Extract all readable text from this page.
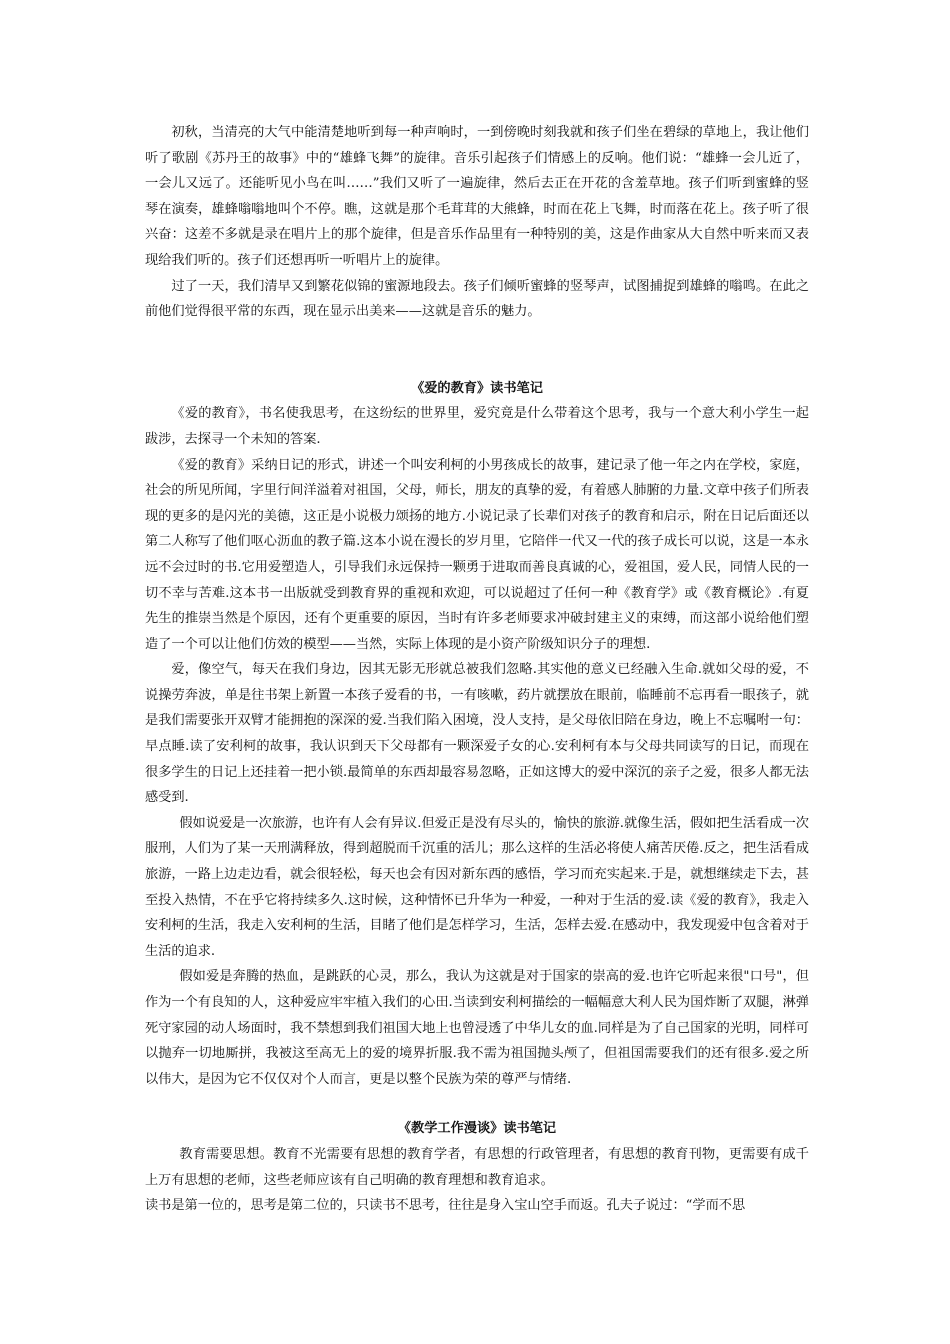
初秋，当清亮的大气中能清楚地听到每一种声响时，一到傍晚时刻我就和孩子们坐在碧绿的草地上，我让他们听了歌剧《苏丹王的故事》中的“雄蜂飞舞”的旋律。音乐引起孩子们情感上的反响。他们说：“雄蜂一会儿近了，一会儿又远了。还能听见小鸟在叫……”我们又听了一遍旋律，然后去正在开花的含羞草地。孩子们听到蜜蜂的竖琴在演奏，雄蜂嗡嗡地叫个不停。瞧，这就是那个毛茸茸的大熊蜂，时而在花上飞舞，时而落在花上。孩子听了很兴奋：这差不多就是录在唱片上的那个旋律，但是音乐作品里有一种特别的美，这是作曲家从大自然中听来而又表现给我们听的。孩子们还想再听一听唱片上的旋律。

过了一天，我们清早又到繁花似锦的蜜源地段去。孩子们倾听蜜蜂的竖琴声，试图捕捉到雄蜂的嗡鸣。在此之前他们觉得很平常的东西，现在显示出美来——这就是音乐的魅力。

《爱的教育》读书笔记

《爱的教育》，书名使我思考，在这纷纭的世界里，爱究竟是什么带着这个思考，我与一个意大利小学生一起跋涉，去探寻一个未知的答案.

《爱的教育》采纳日记的形式，讲述一个叫安利柯的小男孩成长的故事，建记录了他一年之内在学校，家庭，社会的所见所闻，字里行间洋溢着对祖国，父母，师长，朋友的真挚的爱，有着感人肺腑的力量.文章中孩子们所表现的更多的是闪光的美德，这正是小说极力颂扬的地方.小说记录了长辈们对孩子的教育和启示，附在日记后面还以第二人称写了他们呕心沥血的教子篇.这本小说在漫长的岁月里，它陪伴一代又一代的孩子成长可以说，这是一本永远不会过时的书.它用爱塑造人，引导我们永远保持一颗勇于进取而善良真诚的心，爱祖国，爱人民，同情人民的一切不幸与苦难.这本书一出版就受到教育界的重视和欢迎，可以说超过了任何一种《教育学》或《教育概论》.有夏先生的推崇当然是个原因，还有个更重要的原因，当时有许多老师要求冲破封建主义的束缚，而这部小说给他们塑造了一个可以让他们仿效的模型——当然，实际上体现的是小资产阶级知识分子的理想.

爱，像空气，每天在我们身边，因其无影无形就总被我们忽略.其实他的意义已经融入生命.就如父母的爱，不说操劳奔波，单是往书架上新置一本孩子爱看的书，一有咳嗽，药片就摆放在眼前，临睡前不忘再看一眼孩子，就是我们需要张开双臂才能拥抱的深深的爱.当我们陷入困境，没人支持，是父母依旧陪在身边，晚上不忘嘱咐一句：早点睡.读了安利柯的故事，我认识到天下父母都有一颗深爱子女的心.安利柯有本与父母共同读写的日记，而现在很多学生的日记上还挂着一把小锁.最简单的东西却最容易忽略，正如这博大的爱中深沉的亲子之爱，很多人都无法感受到.

假如说爱是一次旅游，也许有人会有异议.但爱正是没有尽头的，愉快的旅游.就像生活，假如把生活看成一次服刑，人们为了某一天刑满释放，得到超脱而千沉重的活儿；那么这样的生活必将使人痛苦厌倦.反之，把生活看成旅游，一路上边走边看，就会很轻松，每天也会有因对新东西的感悟，学习而充实起来.于是，就想继续走下去，甚至投入热情，不在乎它将持续多久.这时候，这种情怀已升华为一种爱，一种对于生活的爱.读《爱的教育》，我走入安利柯的生活，我走入安利柯的生活，目睹了他们是怎样学习，生活，怎样去爱.在感动中，我发现爱中包含着对于生活的追求.

假如爱是奔腾的热血，是跳跃的心灵，那么，我认为这就是对于国家的崇高的爱.也许它听起来很"口号"，但作为一个有良知的人，这种爱应牢牢植入我们的心田.当读到安利柯描绘的一幅幅意大利人民为国炸断了双腿，淋弹死守家园的动人场面时，我不禁想到我们祖国大地上也曾浸透了中华儿女的血.同样是为了自己国家的光明，同样可以抛弃一切地厮拼，我被这至高无上的爱的境界折服.我不需为祖国抛头颅了，但祖国需要我们的还有很多.爱之所以伟大，是因为它不仅仅对个人而言，更是以整个民族为荣的尊严与情绪.

《教学工作漫谈》读书笔记

教育需要思想。教育不光需要有思想的教育学者，有思想的行政管理者，有思想的教育刊物，更需要有成千上万有思想的老师，这些老师应该有自己明确的教育理想和教育追求。

读书是第一位的，思考是第二位的，只读书不思考，往往是身入宝山空手而返。孔夫子说过：“学而不思
